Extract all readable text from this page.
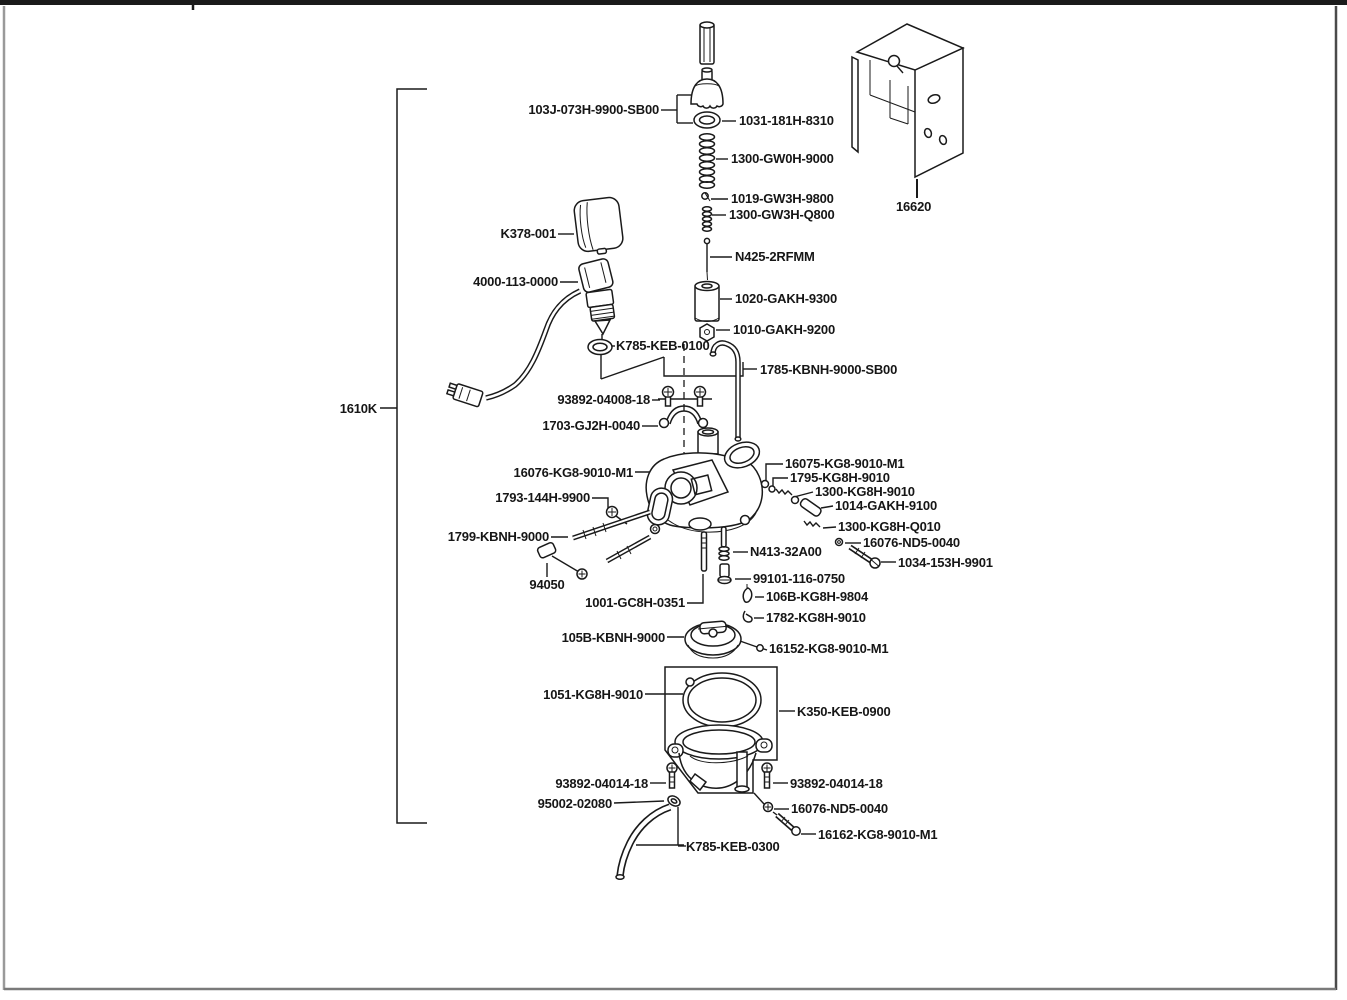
103J-073H-9900-SB00
1031-181H-8310
1300-GW0H-9000
1019-GW3H-9800
1300-GW3H-Q800
N425-2RFMM
1020-GAKH-9300
1010-GAKH-9200
K785-KEB-0100
1785-KBNH-9000-SB00
93892-04008-18
1703-GJ2H-0040
K378-001
4000-113-0000
16620
1610K
16076-KG8-9010-M1
1793-144H-9900
1799-KBNH-9000
94050
16075-KG8-9010-M1
1795-KG8H-9010
1300-KG8H-9010
1014-GAKH-9100
1300-KG8H-Q010
16076-ND5-0040
1034-153H-9901
N413-32A00
99101-116-0750
106B-KG8H-9804
1782-KG8H-9010
1001-GC8H-0351
105B-KBNH-9000
16152-KG8-9010-M1
1051-KG8H-9010
K350-KEB-0900
93892-04014-18	93892-04014-18
95002-02080	16076-ND5-0040
16162-KG8-9010-M1
K785-KEB-0300
